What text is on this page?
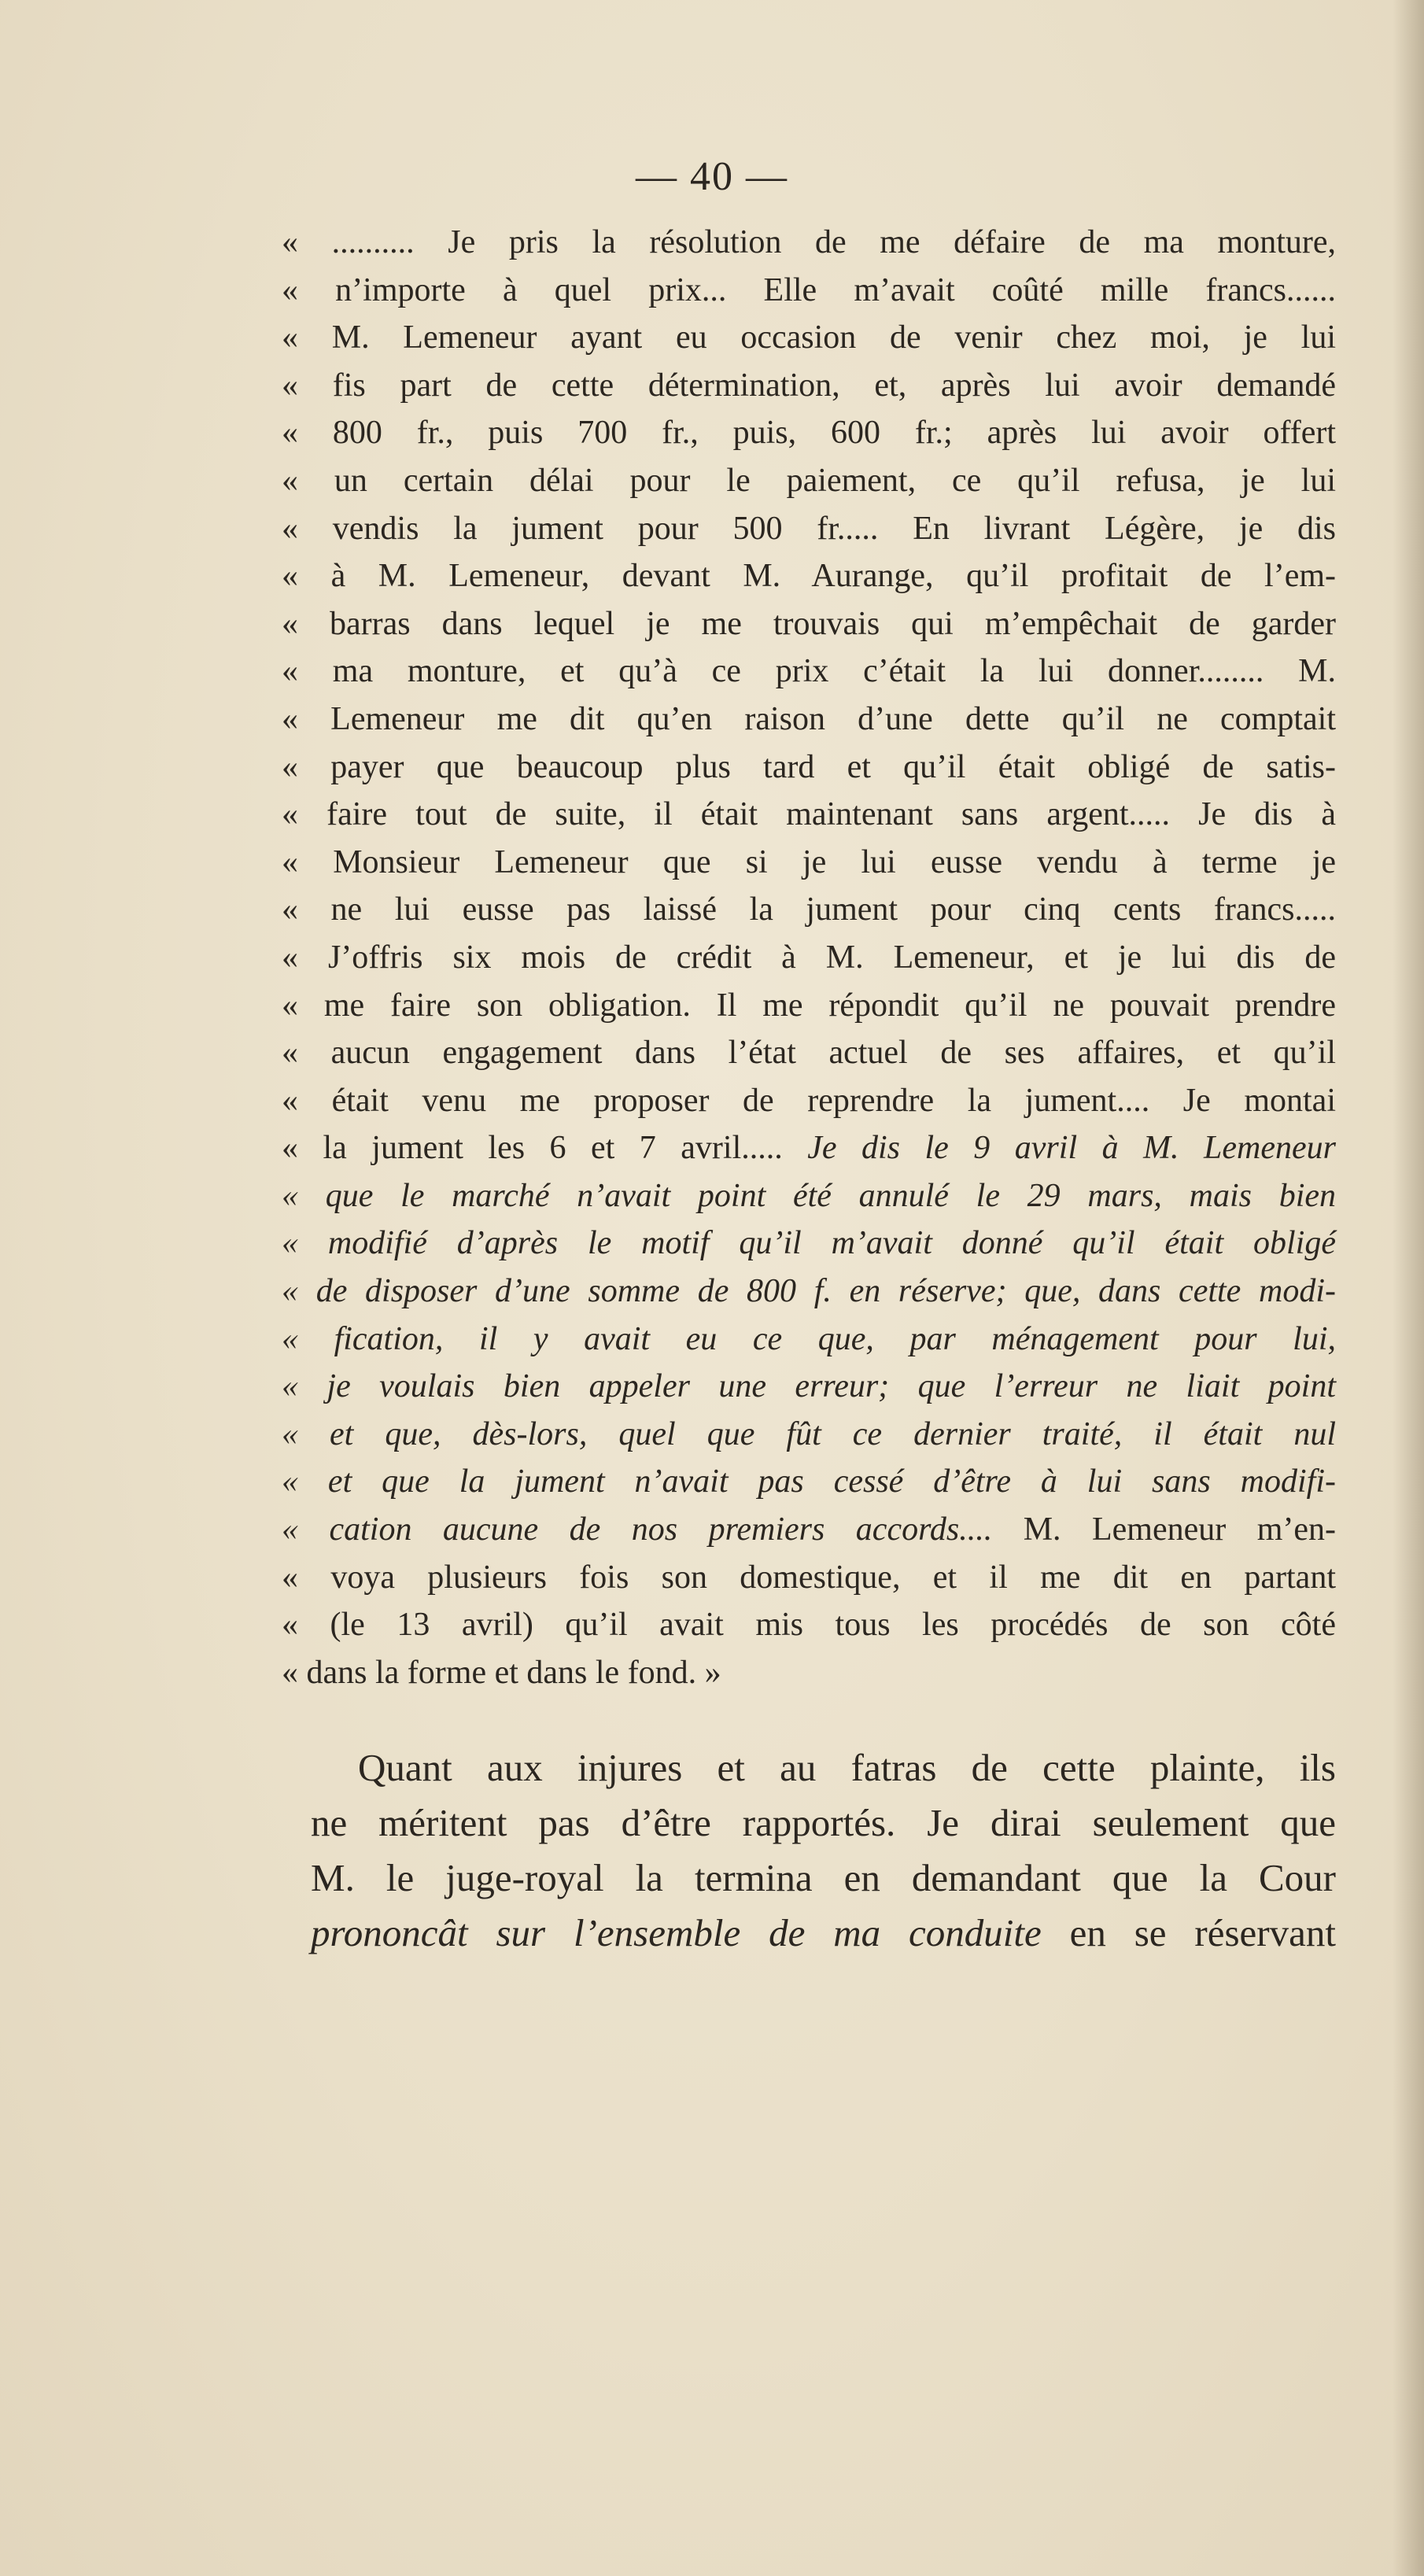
— 40 —
« .......... Je pris la résolution de me défaire de ma monture,
« n’importe à quel prix... Elle m’avait coûté mille francs......
« M. Lemeneur ayant eu occasion de venir chez moi, je lui
« fis part de cette détermination, et, après lui avoir demandé
« 800 fr., puis 700 fr., puis, 600 fr.; après lui avoir offert
« un certain délai pour le paiement, ce qu’il refusa, je lui
« vendis la jument pour 500 fr..... En livrant Légère, je dis
« à M. Lemeneur, devant M. Aurange, qu’il profitait de l’em-
« barras dans lequel je me trouvais qui m’empêchait de garder
« ma monture, et qu’à ce prix c’était la lui donner........ M.
« Lemeneur me dit qu’en raison d’une dette qu’il ne comptait
« payer que beaucoup plus tard et qu’il était obligé de satis-
« faire tout de suite, il était maintenant sans argent..... Je dis à
« Monsieur Lemeneur que si je lui eusse vendu à terme je
« ne lui eusse pas laissé la jument pour cinq cents francs.....
« J’offris six mois de crédit à M. Lemeneur, et je lui dis de
« me faire son obligation. Il me répondit qu’il ne pouvait prendre
« aucun engagement dans l’état actuel de ses affaires, et qu’il
« était venu me proposer de reprendre la jument.... Je montai
« la jument les 6 et 7 avril..... Je dis le 9 avril à M. Lemeneur
« que le marché n’avait point été annulé le 29 mars, mais bien
« modifié d’après le motif qu’il m’avait donné qu’il était obligé
« de disposer d’une somme de 800 f. en réserve; que, dans cette modi-
« fication, il y avait eu ce que, par ménagement pour lui,
« je voulais bien appeler une erreur; que l’erreur ne liait point
« et que, dès-lors, quel que fût ce dernier traité, il était nul
« et que la jument n’avait pas cessé d’être à lui sans modifi-
« cation aucune de nos premiers accords.... M. Lemeneur m’en-
« voya plusieurs fois son domestique, et il me dit en partant
« (le 13 avril) qu’il avait mis tous les procédés de son côté
« dans la forme et dans le fond. »
Quant aux injures et au fatras de cette plainte, ils
ne méritent pas d’être rapportés. Je dirai seulement que
M. le juge-royal la termina en demandant que la Cour
prononcât sur l’ensemble de ma conduite en se réservant
